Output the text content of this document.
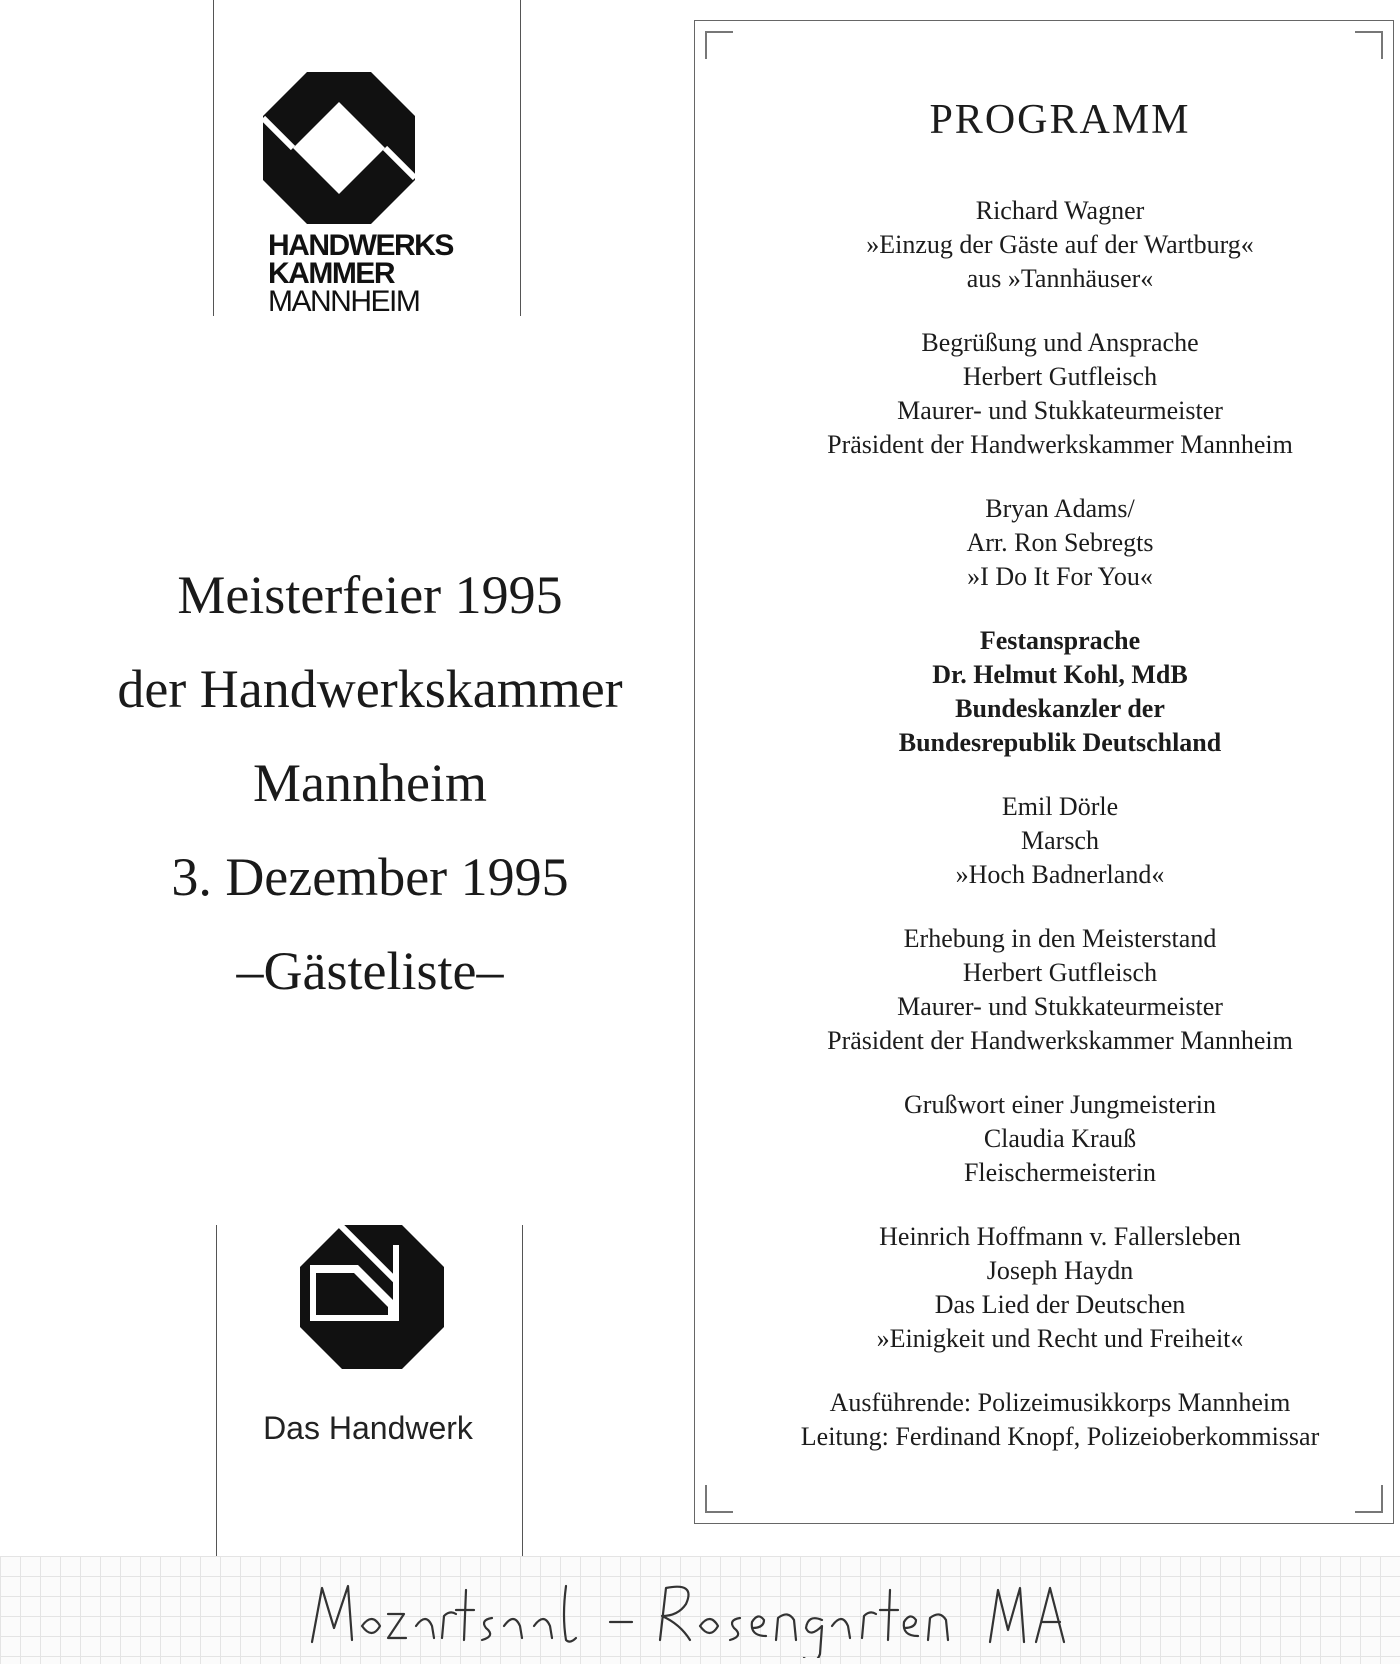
HANDWERKS
KAMMER
MANNHEIM
Meisterfeier 1995
der Handwerkskammer
Mannheim
3. Dezember 1995
–Gästeliste–
Das Handwerk
PROGRAMM
Richard Wagner
»Einzug der Gäste auf der Wartburg«
aus »Tannhäuser«
Begrüßung und Ansprache
Herbert Gutfleisch
Maurer- und Stukkateurmeister
Präsident der Handwerkskammer Mannheim
Bryan Adams/
Arr. Ron Sebregts
»I Do It For You«
Festansprache
Dr. Helmut Kohl, MdB
Bundeskanzler der
Bundesrepublik Deutschland
Emil Dörle
Marsch
»Hoch Badnerland«
Erhebung in den Meisterstand
Herbert Gutfleisch
Maurer- und Stukkateurmeister
Präsident der Handwerkskammer Mannheim
Grußwort einer Jungmeisterin
Claudia Krauß
Fleischermeisterin
Heinrich Hoffmann v. Fallersleben
Joseph Haydn
Das Lied der Deutschen
»Einigkeit und Recht und Freiheit«
Ausführende: Polizeimusikkorps Mannheim
Leitung: Ferdinand Knopf, Polizeioberkommissar
